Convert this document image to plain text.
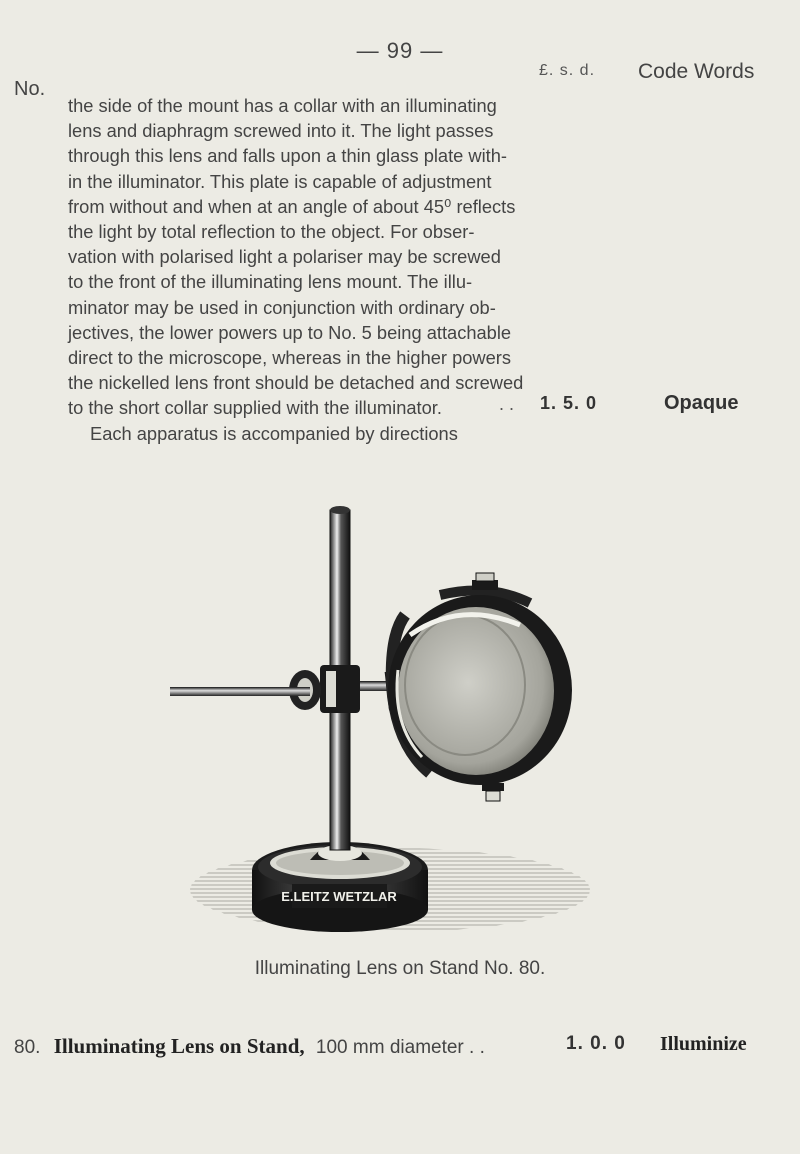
— 99 —
No.
£. s. d. Code Words

the side of the mount has a collar with an illuminating
lens and diaphragm screwed into it. The light passes
through this lens and falls upon a thin glass plate with-
in the illuminator. This plate is capable of adjustment
from without and when at an angle of about 45⁰ reflects
the light by total reflection to the object. For obser-
vation with polarised light a polariser may be screwed
to the front of the illuminating lens mount. The illu-
minator may be used in conjunction with ordinary ob-
jectives, the lower powers up to No. 5 being attachable
direct to the microscope, whereas in the higher powers
the nickelled lens front should be detached and screwed
to the short collar supplied with the illuminator.
Each apparatus is accompanied by directions

. . 1. 5. 0	Opaque
E.LEITZ WETZLAR
Illuminating Lens on Stand No. 80.
80. Illuminating Lens on Stand, 100 mm diameter . .	1. 0. 0 Illuminize
